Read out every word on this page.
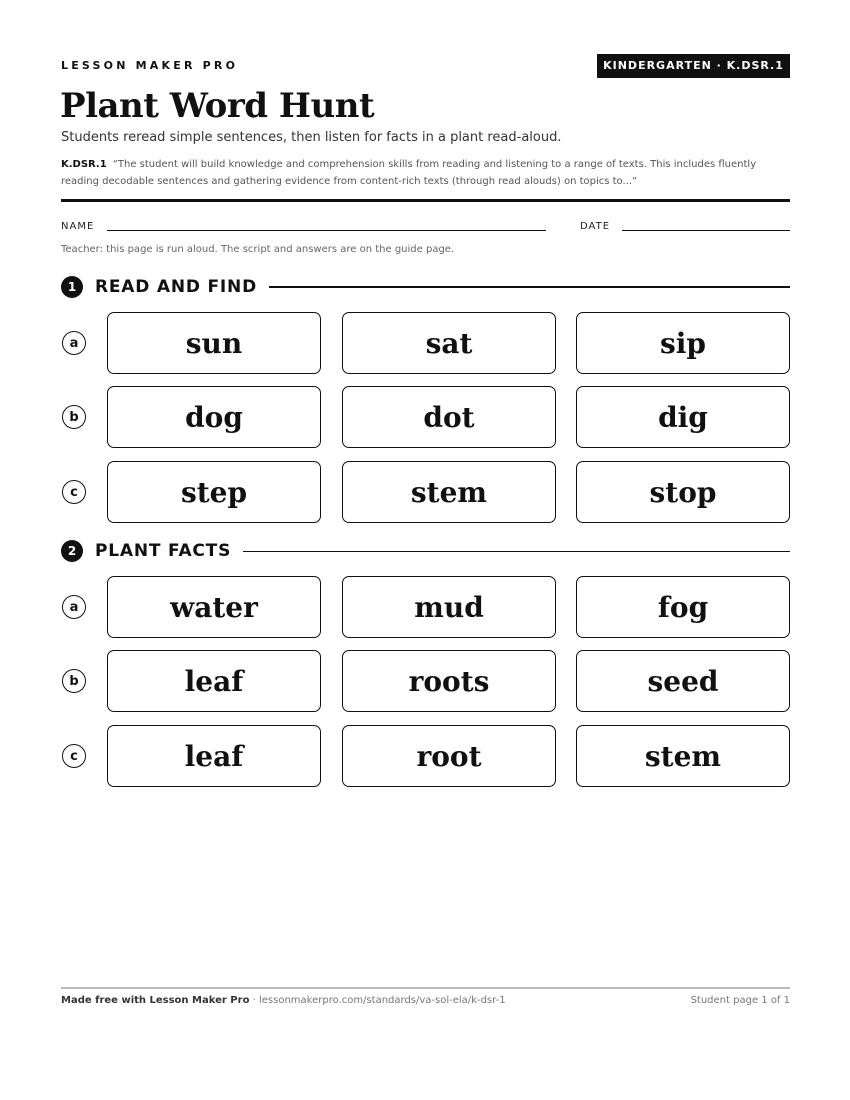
LESSON MAKER PRO	KINDERGARTEN · K.DSR.1
Plant Word Hunt
Students reread simple sentences, then listen for facts in a plant read-aloud.
K.DSR.1 “The student will build knowledge and comprehension skills from reading and listening to a range of texts. This includes fluently reading decodable sentences and gathering evidence from content-rich texts (through read alouds) on topics to...”
NAME	DATE
Teacher: this page is run aloud. The script and answers are on the guide page.
1	READ AND FIND
a	sun	sat	sip
b	dog	dot	dig
c	step	stem	stop
2	PLANT FACTS
a	water	mud	fog
b	leaf	roots	seed
c	leaf	root	stem
Made free with Lesson Maker Pro · lessonmakerpro.com/standards/va-sol-ela/k-dsr-1	Student page 1 of 1
